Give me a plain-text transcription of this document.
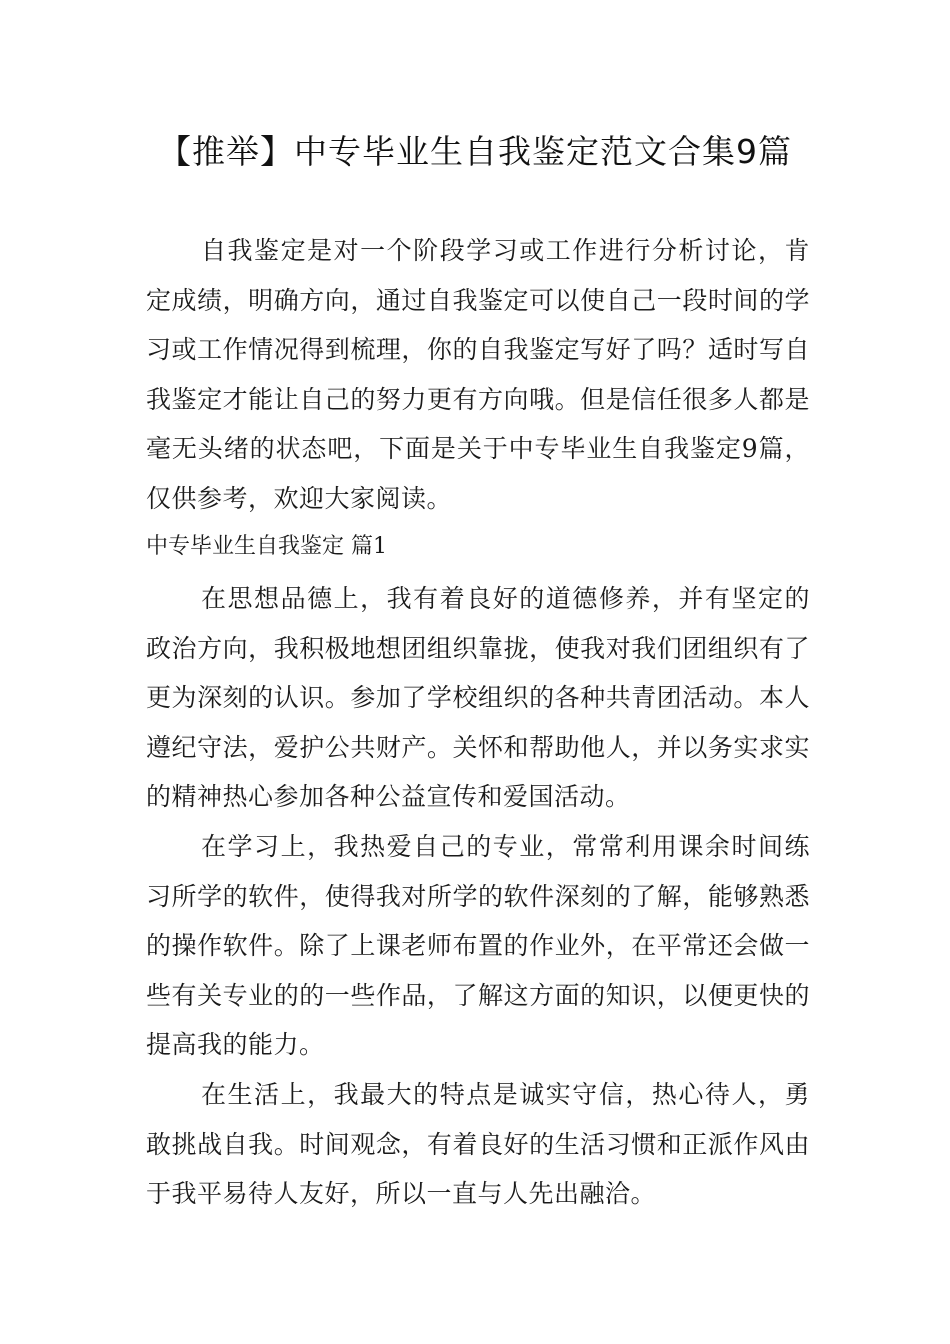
【推举】中专毕业生自我鉴定范文合集9篇

自我鉴定是对一个阶段学习或工作进行分析讨论，肯定成绩，明确方向，通过自我鉴定可以使自己一段时间的学习或工作情况得到梳理，你的自我鉴定写好了吗？适时写自我鉴定才能让自己的努力更有方向哦。但是信任很多人都是毫无头绪的状态吧，下面是关于中专毕业生自我鉴定9篇，仅供参考，欢迎大家阅读。

中专毕业生自我鉴定 篇1

在思想品德上，我有着良好的道德修养，并有坚定的政治方向，我积极地想团组织靠拢，使我对我们团组织有了更为深刻的认识。参加了学校组织的各种共青团活动。本人遵纪守法，爱护公共财产。关怀和帮助他人，并以务实求实的精神热心参加各种公益宣传和爱国活动。

在学习上，我热爱自己的专业，常常利用课余时间练习所学的软件，使得我对所学的软件深刻的了解，能够熟悉的操作软件。除了上课老师布置的作业外，在平常还会做一些有关专业的的一些作品，了解这方面的知识，以便更快的提高我的能力。

在生活上，我最大的特点是诚实守信，热心待人，勇敢挑战自我。时间观念，有着良好的生活习惯和正派作风由于我平易待人友好，所以一直与人先出融洽。
